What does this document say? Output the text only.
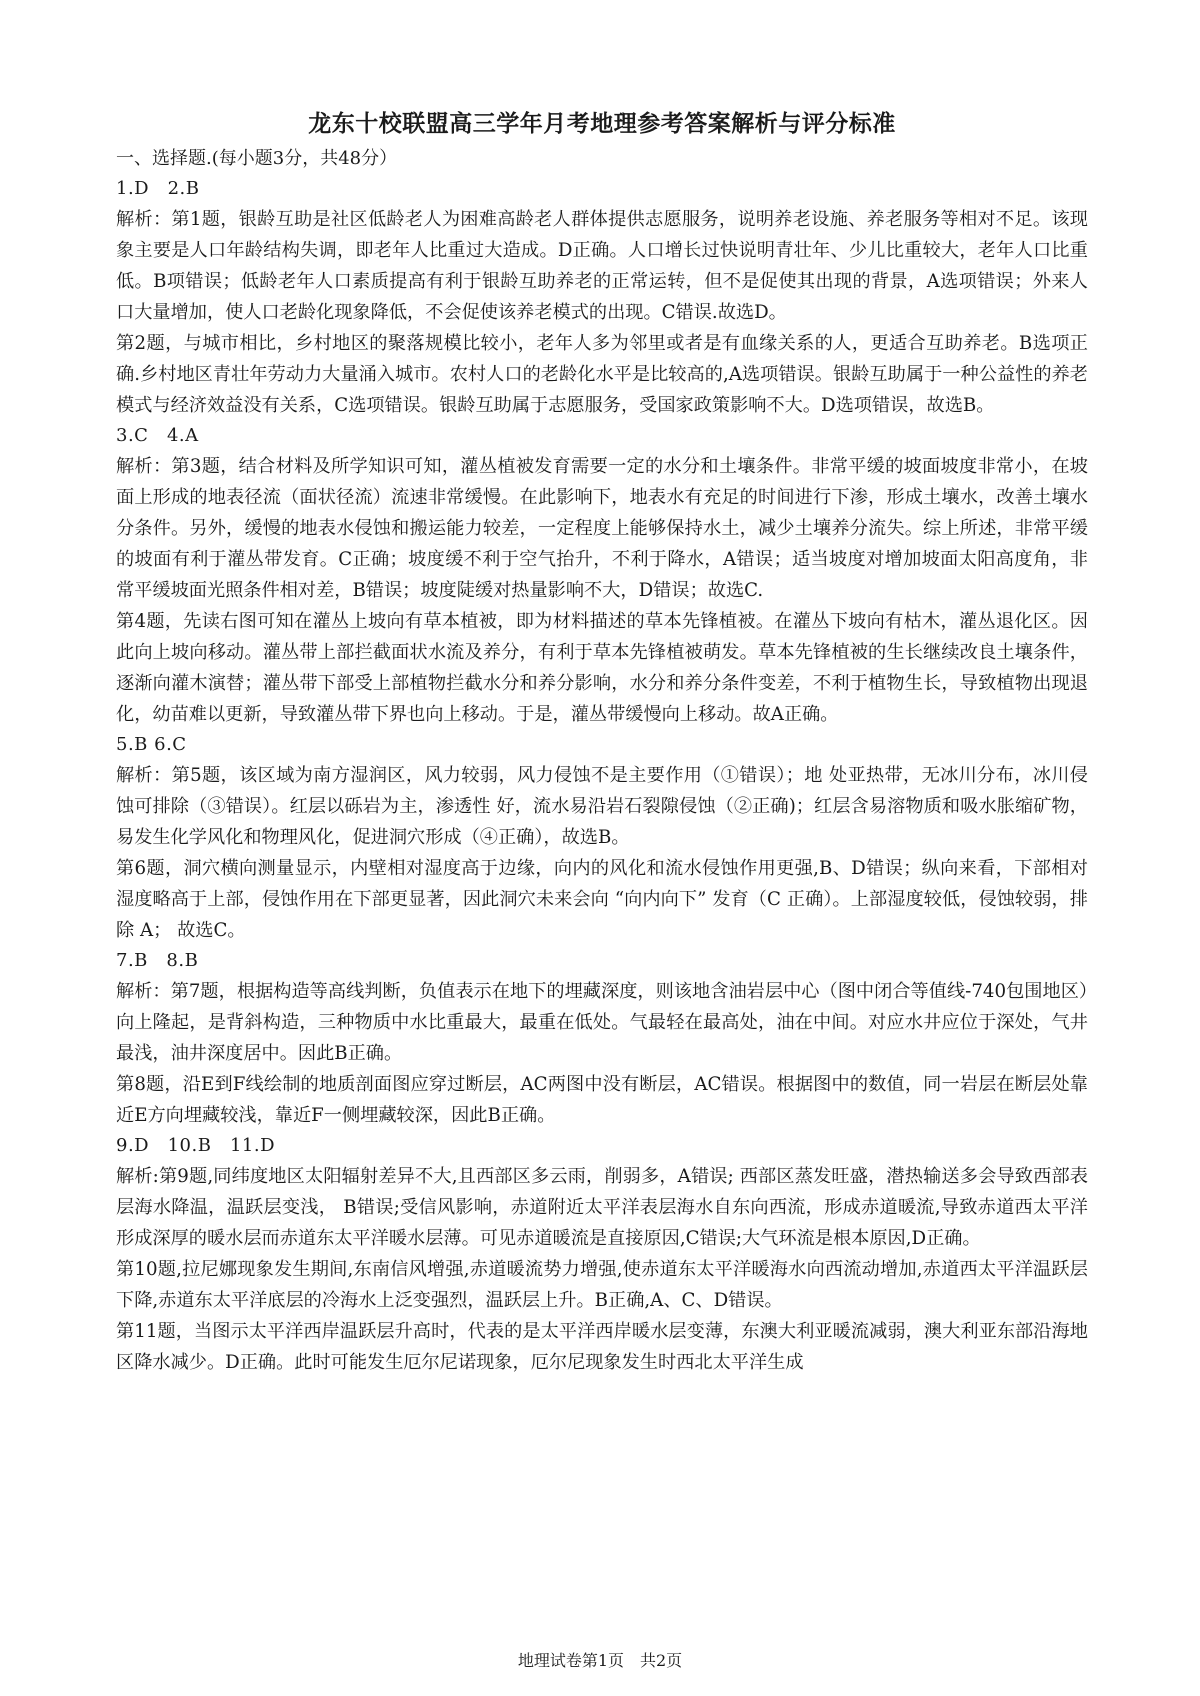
龙东十校联盟高三学年月考地理参考答案解析与评分标准

一、选择题.(每小题3分，共48分）

1.D　2.B

解析：第1题，银龄互助是社区低龄老人为困难高龄老人群体提供志愿服务，说明养老设施、养老服务等相对不足。该现象主要是人口年龄结构失调，即老年人比重过大造成。D正确。人口增长过快说明青壮年、少儿比重较大，老年人口比重低。B项错误；低龄老年人口素质提高有利于银龄互助养老的正常运转，但不是促使其出现的背景，A选项错误；外来人口大量增加，使人口老龄化现象降低，不会促使该养老模式的出现。C错误.故选D。

第2题，与城市相比，乡村地区的聚落规模比较小，老年人多为邻里或者是有血缘关系的人，更适合互助养老。B选项正确.乡村地区青壮年劳动力大量涌入城市。农村人口的老龄化水平是比较高的,A选项错误。银龄互助属于一种公益性的养老模式与经济效益没有关系，C选项错误。银龄互助属于志愿服务，受国家政策影响不大。D选项错误，故选B。

3.C　4.A

解析：第3题，结合材料及所学知识可知，灌丛植被发育需要一定的水分和土壤条件。非常平缓的坡面坡度非常小，在坡面上形成的地表径流（面状径流）流速非常缓慢。在此影响下，地表水有充足的时间进行下渗，形成土壤水，改善土壤水分条件。另外，缓慢的地表水侵蚀和搬运能力较差，一定程度上能够保持水土，减少土壤养分流失。综上所述，非常平缓的坡面有利于灌丛带发育。C正确；坡度缓不利于空气抬升，不利于降水，A错误；适当坡度对增加坡面太阳高度角，非常平缓坡面光照条件相对差，B错误；坡度陡缓对热量影响不大，D错误；故选C.

第4题，先读右图可知在灌丛上坡向有草本植被，即为材料描述的草本先锋植被。在灌丛下坡向有枯木，灌丛退化区。因此向上坡向移动。灌丛带上部拦截面状水流及养分，有利于草本先锋植被萌发。草本先锋植被的生长继续改良土壤条件，逐渐向灌木演替；灌丛带下部受上部植物拦截水分和养分影响，水分和养分条件变差，不利于植物生长，导致植物出现退化，幼苗难以更新，导致灌丛带下界也向上移动。于是，灌丛带缓慢向上移动。故A正确。

5.B 6.C

解析：第5题，该区域为南方湿润区，风力较弱，风力侵蚀不是主要作用（①错误）；地 处亚热带，无冰川分布，冰川侵蚀可排除（③错误）。红层以砾岩为主，渗透性 好，流水易沿岩石裂隙侵蚀（②正确)；红层含易溶物质和吸水胀缩矿物，易发生化学风化和物理风化，促进洞穴形成（④正确），故选B。

第6题，洞穴横向测量显示，内壁相对湿度高于边缘，向内的风化和流水侵蚀作用更强,B、D错误；纵向来看，下部相对湿度略高于上部，侵蚀作用在下部更显著，因此洞穴未来会向 “向内向下” 发育（C 正确）。上部湿度较低，侵蚀较弱，排除 A； 故选C。

7.B　8.B

解析：第7题，根据构造等高线判断，负值表示在地下的埋藏深度，则该地含油岩层中心（图中闭合等值线-740包围地区）向上隆起，是背斜构造，三种物质中水比重最大，最重在低处。气最轻在最高处，油在中间。对应水井应位于深处，气井最浅，油井深度居中。因此B正确。

第8题，沿E到F线绘制的地质剖面图应穿过断层，AC两图中没有断层，AC错误。根据图中的数值，同一岩层在断层处靠近E方向埋藏较浅，靠近F一侧埋藏较深，因此B正确。

9.D　10.B　11.D

解析:第9题,同纬度地区太阳辐射差异不大,且西部区多云雨，削弱多，A错误; 西部区蒸发旺盛，潜热输送多会导致西部表层海水降温，温跃层变浅， B错误;受信风影响，赤道附近太平洋表层海水自东向西流，形成赤道暖流,导致赤道西太平洋形成深厚的暖水层而赤道东太平洋暖水层薄。可见赤道暖流是直接原因,C错误;大气环流是根本原因,D正确。

第10题,拉尼娜现象发生期间,东南信风增强,赤道暖流势力增强,使赤道东太平洋暖海水向西流动增加,赤道西太平洋温跃层下降,赤道东太平洋底层的冷海水上泛变强烈，温跃层上升。B正确,A、C、D错误。

第11题，当图示太平洋西岸温跃层升高时，代表的是太平洋西岸暖水层变薄，东澳大利亚暖流减弱，澳大利亚东部沿海地区降水减少。D正确。此时可能发生厄尔尼诺现象，厄尔尼现象发生时西北太平洋生成

地理试卷第1页　共2页
